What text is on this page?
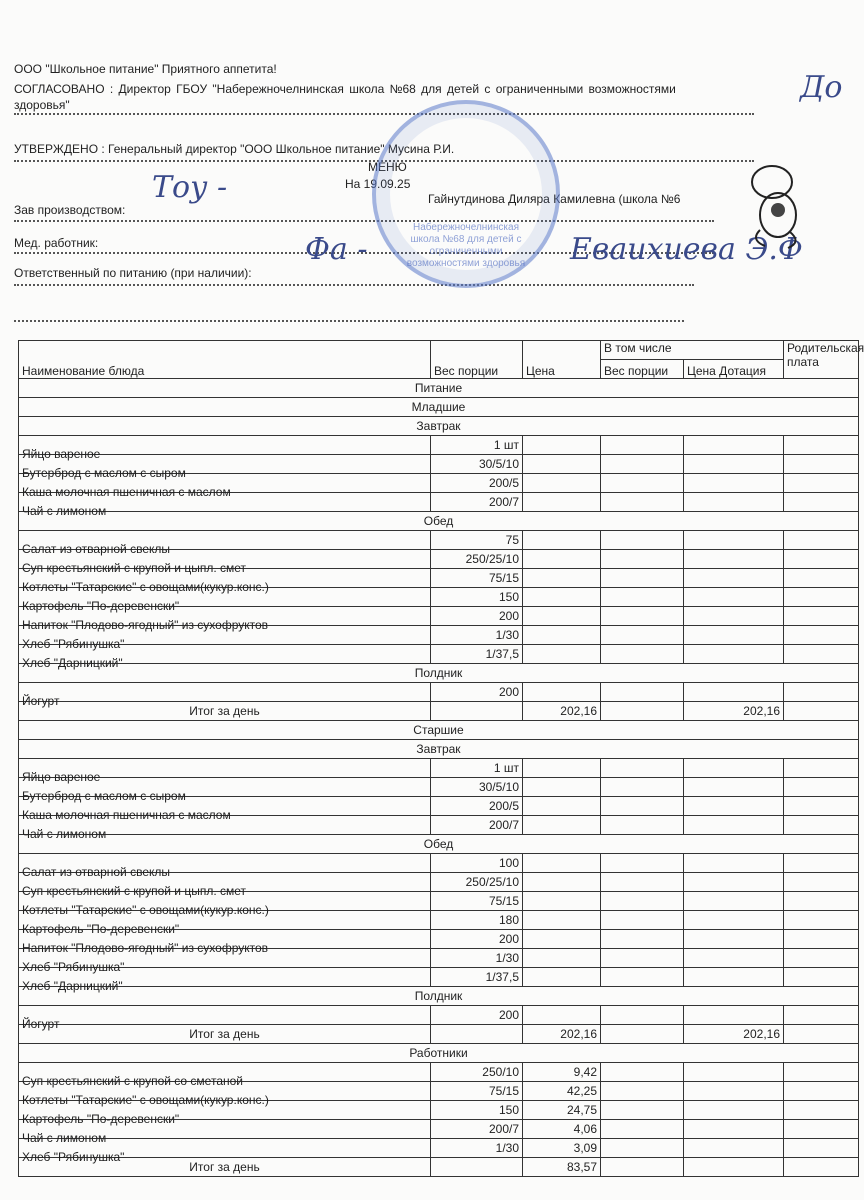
ООО "Школьное питание" Приятного аппетита!
СОГЛАСОВАНО : Директор ГБОУ "Набережночелнинская школа №68 для детей с ограниченными возможностями
здоровья"
УТВЕРЖДЕНО : Генеральный директор "ООО Школьное питание" Мусина Р.И.
МЕНЮ
На 19.09.25
Гайнутдинова Диляра Камилевна (школа №6
Зав производством:
Мед. работник:
Ответственный по питанию (при наличии):
Набережночелнинская школа №68 для детей с ограниченными возможностями здоровья
Тоу -
Фа -	Еваихиева Э.Ф
До
Наименование блюда	Вес порции	Цена	В том числе		Родительская плата
			Вес порции	Цена Дотация	
Питание					
Младшие					
Завтрак					
Яйцо вареное	1 шт				
Бутерброд с маслом с сыром	30/5/10				
Каша молочная пшеничная с маслом	200/5				
Чай с лимоном	200/7				
Обед					
Салат из отварной свеклы	75				
Суп крестьянский с крупой и цыпл. смет	250/25/10				
Котлеты "Татарские" с овощами(кукур.конс.)	75/15				
Картофель "По-деревенски"	150				
Напиток "Плодово-ягодный" из сухофруктов	200				
Хлеб "Рябинушка"	1/30				
Хлеб "Дарницкий"	1/37,5				
Полдник					
Йогурт	200				
Итог за день		202,16		202,16	
Старшие					
Завтрак					
Яйцо вареное	1 шт				
Бутерброд с маслом с сыром	30/5/10				
Каша молочная пшеничная с маслом	200/5				
Чай с лимоном	200/7				
Обед					
Салат из отварной свеклы	100				
Суп крестьянский с крупой и цыпл. смет	250/25/10				
Котлеты "Татарские" с овощами(кукур.конс.)	75/15				
Картофель "По-деревенски"	180				
Напиток "Плодово-ягодный" из сухофруктов	200				
Хлеб "Рябинушка"	1/30				
Хлеб "Дарницкий"	1/37,5				
Полдник					
Йогурт	200				
Итог за день		202,16		202,16	
Работники					
Суп крестьянский с крупой со сметаной	250/10	9,42			
Котлеты "Татарские" с овощами(кукур.конс.)	75/15	42,25			
Картофель "По-деревенски"	150	24,75			
Чай с лимоном	200/7	4,06			
Хлеб "Рябинушка"	1/30	3,09			
Итог за день		83,57			
